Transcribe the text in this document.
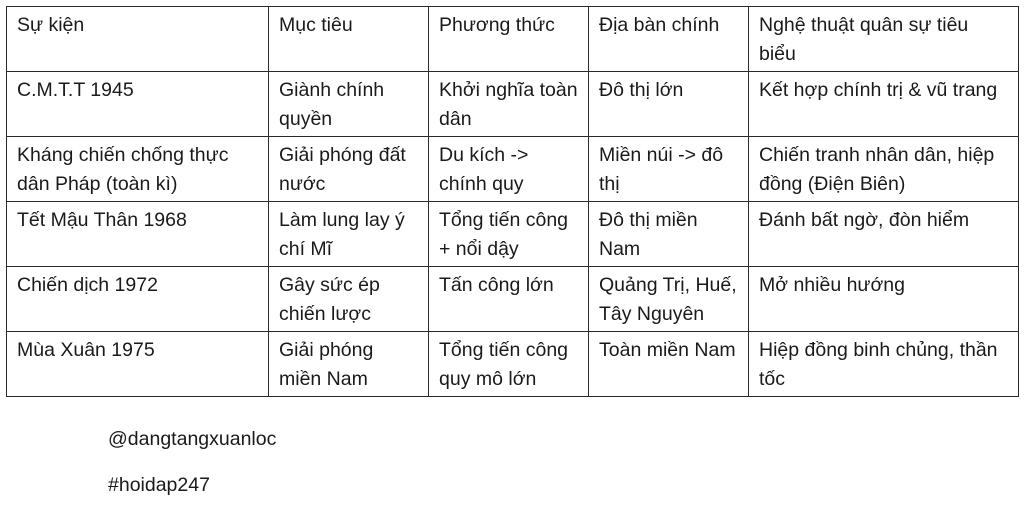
Sự kiện	Mục tiêu	Phương thức	Địa bàn chính	Nghệ thuật quân sự tiêu biểu
C.M.T.T 1945	Giành chính quyền	Khởi nghĩa toàn dân	Đô thị lớn	Kết hợp chính trị & vũ trang
Kháng chiến chống thực dân Pháp (toàn kì)	Giải phóng đất nước	Du kích -> chính quy	Miền núi -> đô thị	Chiến tranh nhân dân, hiệp đồng (Điện Biên)
Tết Mậu Thân 1968	Làm lung lay ý chí Mĩ	Tổng tiến công + nổi dậy	Đô thị miền Nam	Đánh bất ngờ, đòn hiểm
Chiến dịch 1972	Gây sức ép chiến lược	Tấn công lớn	Quảng Trị, Huế, Tây Nguyên	Mở nhiều hướng
Mùa Xuân 1975	Giải phóng miền Nam	Tổng tiến công quy mô lớn	Toàn miền Nam	Hiệp đồng binh chủng, thần tốc
@dangtangxuanloc
#hoidap247
